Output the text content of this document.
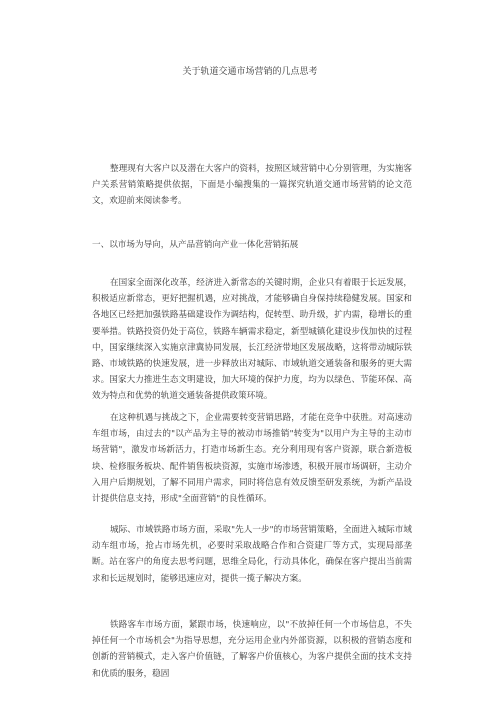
关于轨道交通市场营销的几点思考

整理现有大客户以及潜在大客户的资料，按照区域营销中心分别管理，为实施客户关系营销策略提供依据，下面是小编搜集的一篇探究轨道交通市场营销的论文范文，欢迎前来阅读参考。

一、以市场为导向，从产品营销向产业一体化营销拓展

在国家全面深化改革，经济进入新常态的关键时期，企业只有着眼于长远发展，积极适应新常态，更好把握机遇，应对挑战，才能够确自身保持续稳健发展。国家和各地区已经把加强铁路基础建设作为调结构，促转型、助升级，扩内需，稳增长的重要举措。铁路投资仍处于高位，铁路车辆需求稳定，新型城镇化建设步伐加快的过程中，国家继续深入实施京津冀协同发展，长江经济带地区发展战略，这将带动城际铁路、市域铁路的快速发展，进一步释放出对城际、市域轨道交通装备和服务的更大需求。国家大力推进生态文明建设，加大环境的保护力度，均为以绿色、节能环保、高效为特点和优势的轨道交通装备提供政策环境。

在这种机遇与挑战之下，企业需要转变营销思路，才能在竞争中获胜。对高速动车组市场，由过去的"以产品为主导的被动市场推销"转变为"以用户为主导的主动市场营销"，激发市场新活力，打造市场新生态。充分利用现有客户资源，联合新造板块、检修服务板块、配件销售板块资源，实施市场渗透，积极开展市场调研，主动介入用户后期规划，了解不同用户需求，同时将信息有效反馈至研发系统，为新产品设计提供信息支持，形成"全面营销"的良性循环。

城际、市域铁路市场方面，采取"先人一步"的市场营销策略，全面进入城际市域动车组市场，抢占市场先机，必要时采取战略合作和合资建厂等方式，实现局部垄断。站在客户的角度去思考问题，思维全局化，行动具体化，确保在客户提出当前需求和长远规划时，能够迅速应对，提供一揽子解决方案。

铁路客车市场方面，紧跟市场，快速响应，以"不放掉任何一个市场信息，不失掉任何一个市场机会"为指导思想，充分运用企业内外部资源，以积极的营销态度和创新的营销模式，走入客户价值链，了解客户价值核心，为客户提供全面的技术支持和优质的服务，稳固
